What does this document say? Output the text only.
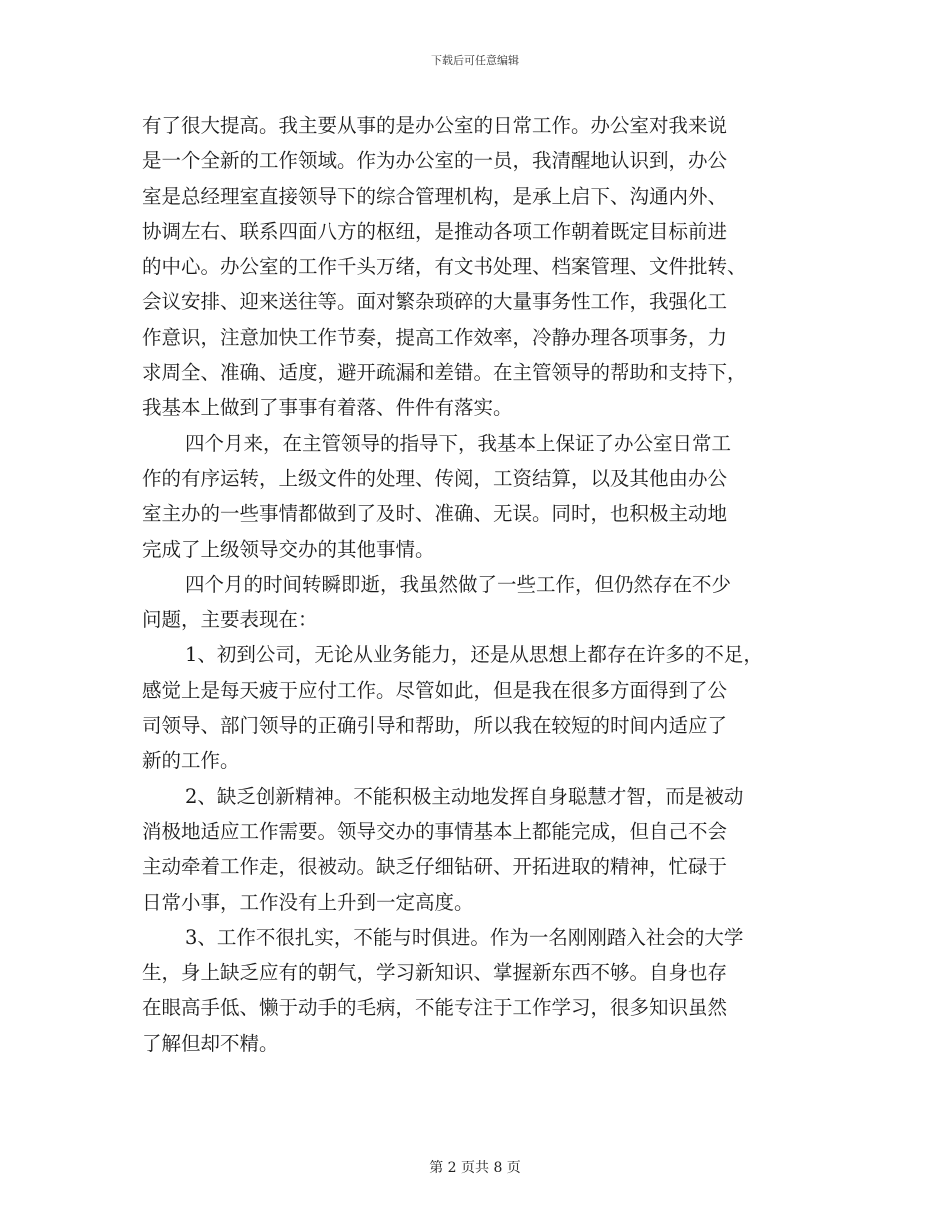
下载后可任意编辑
有了很大提高。我主要从事的是办公室的日常工作。办公室对我来说
是一个全新的工作领域。作为办公室的一员，我清醒地认识到，办公
室是总经理室直接领导下的综合管理机构，是承上启下、沟通内外、
协调左右、联系四面八方的枢纽，是推动各项工作朝着既定目标前进
的中心。办公室的工作千头万绪，有文书处理、档案管理、文件批转、
会议安排、迎来送往等。面对繁杂琐碎的大量事务性工作，我强化工
作意识，注意加快工作节奏，提高工作效率，冷静办理各项事务，力
求周全、准确、适度，避开疏漏和差错。在主管领导的帮助和支持下，
我基本上做到了事事有着落、件件有落实。
四个月来，在主管领导的指导下，我基本上保证了办公室日常工
作的有序运转，上级文件的处理、传阅，工资结算，以及其他由办公
室主办的一些事情都做到了及时、准确、无误。同时，也积极主动地
完成了上级领导交办的其他事情。
四个月的时间转瞬即逝，我虽然做了一些工作，但仍然存在不少
问题，主要表现在：
1、初到公司，无论从业务能力，还是从思想上都存在许多的不足，
感觉上是每天疲于应付工作。尽管如此，但是我在很多方面得到了公
司领导、部门领导的正确引导和帮助，所以我在较短的时间内适应了
新的工作。
2、缺乏创新精神。不能积极主动地发挥自身聪慧才智，而是被动
消极地适应工作需要。领导交办的事情基本上都能完成，但自己不会
主动牵着工作走，很被动。缺乏仔细钻研、开拓进取的精神，忙碌于
日常小事，工作没有上升到一定高度。
3、工作不很扎实，不能与时俱进。作为一名刚刚踏入社会的大学
生，身上缺乏应有的朝气，学习新知识、掌握新东西不够。自身也存
在眼高手低、懒于动手的毛病，不能专注于工作学习，很多知识虽然
了解但却不精。
第 2 页共 8 页
